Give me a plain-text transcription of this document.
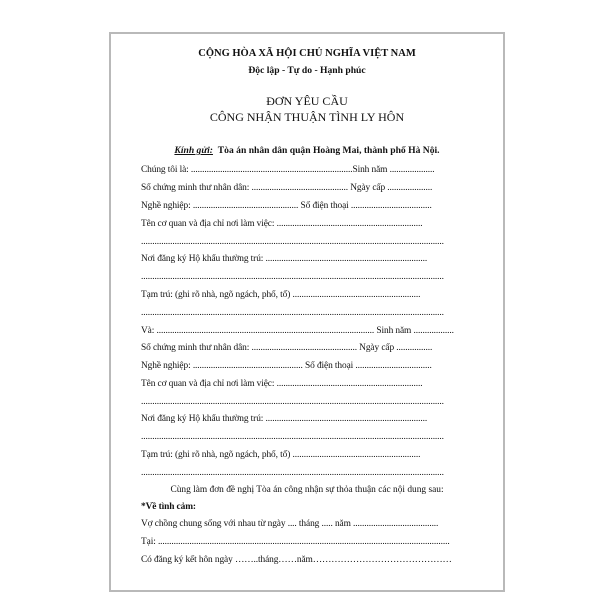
CỘNG HÒA XÃ HỘI CHỦ NGHĨA VIỆT NAM
Độc lập - Tự do - Hạnh phúc
ĐƠN YÊU CẦU
CÔNG NHẬN THUẬN TÌNH LY HÔN
Kính gửi: Tòa án nhân dân quận Hoàng Mai, thành phố Hà Nội.
Chúng tôi là: ........................................................................Sinh năm ....................
Số chứng minh thư nhân dân: ........................................... Ngày cấp ....................
Nghề nghiệp: ............................................... Số điện thoại ....................................
Tên cơ quan và địa chỉ nơi làm việc: .................................................................
.......................................................................................................................................
Nơi đăng ký Hộ khẩu thường trú: ........................................................................
.......................................................................................................................................
Tạm trú: (ghi rõ nhà, ngõ ngách, phố, tổ) .........................................................
.......................................................................................................................................
Và: ................................................................................................. Sinh năm ..................
Số chứng minh thư nhân dân: ............................................... Ngày cấp ................
Nghề nghiệp: ................................................. Số điện thoại ..................................
Tên cơ quan và địa chỉ nơi làm việc: .................................................................
.......................................................................................................................................
Nơi đăng ký Hộ khẩu thường trú: ........................................................................
.......................................................................................................................................
Tạm trú: (ghi rõ nhà, ngõ ngách, phố, tổ) .........................................................
.......................................................................................................................................
Cùng làm đơn đề nghị Tòa án công nhận sự thỏa thuận các nội dung sau:
*Về tình cảm:
Vợ chồng chung sống với nhau từ ngày .... tháng ..... năm ......................................
Tại: ..................................................................................................................................
Có đăng ký kết hôn ngày ……..tháng……năm………………………………………
